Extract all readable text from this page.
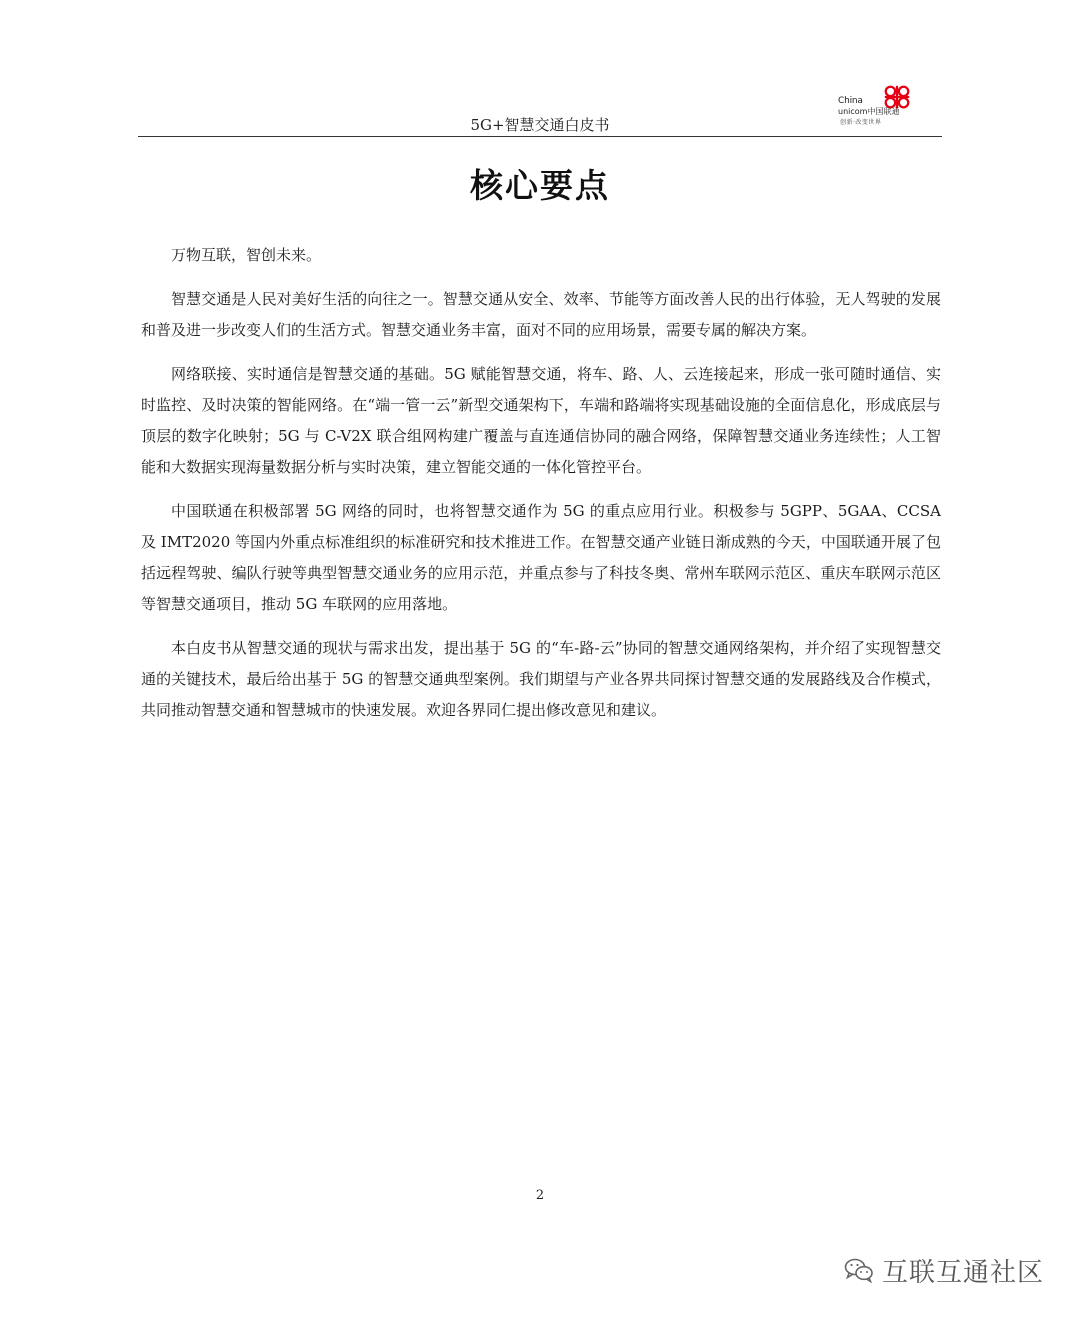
China
unicom中国联通
创新·改变世界
5G+智慧交通白皮书
核心要点

万物互联，智创未来。

智慧交通是人民对美好生活的向往之一。智慧交通从安全、效率、节能等方面改善人民的出行体验，无人驾驶的发展和普及进一步改变人们的生活方式。智慧交通业务丰富，面对不同的应用场景，需要专属的解决方案。

网络联接、实时通信是智慧交通的基础。5G 赋能智慧交通，将车、路、人、云连接起来，形成一张可随时通信、实时监控、及时决策的智能网络。在“端一管一云”新型交通架构下，车端和路端将实现基础设施的全面信息化，形成底层与顶层的数字化映射；5G 与 C-V2X 联合组网构建广覆盖与直连通信协同的融合网络，保障智慧交通业务连续性；人工智能和大数据实现海量数据分析与实时决策，建立智能交通的一体化管控平台。

中国联通在积极部署 5G 网络的同时，也将智慧交通作为 5G 的重点应用行业。积极参与 5GPP、5GAA、CCSA 及 IMT2020 等国内外重点标准组织的标准研究和技术推进工作。在智慧交通产业链日渐成熟的今天，中国联通开展了包括远程驾驶、编队行驶等典型智慧交通业务的应用示范，并重点参与了科技冬奥、常州车联网示范区、重庆车联网示范区等智慧交通项目，推动 5G 车联网的应用落地。

本白皮书从智慧交通的现状与需求出发，提出基于 5G 的“车-路-云”协同的智慧交通网络架构，并介绍了实现智慧交通的关键技术，最后给出基于 5G 的智慧交通典型案例。我们期望与产业各界共同探讨智慧交通的发展路线及合作模式，共同推动智慧交通和智慧城市的快速发展。欢迎各界同仁提出修改意见和建议。

2
互联互通社区
